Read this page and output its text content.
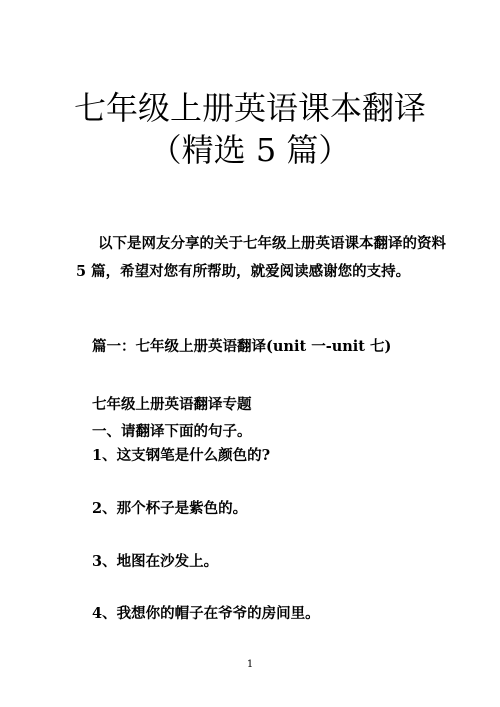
七年级上册英语课本翻译
（精选 5 篇）
以下是网友分享的关于七年级上册英语课本翻译的资料
5 篇，希望对您有所帮助，就爱阅读感谢您的支持。
篇一：七年级上册英语翻译(unit 一-unit 七)
七年级上册英语翻译专题
一、请翻译下面的句子。
1、这支钢笔是什么颜色的?
2、那个杯子是紫色的。
3、地图在沙发上。
4、我想你的帽子在爷爷的房间里。
1
